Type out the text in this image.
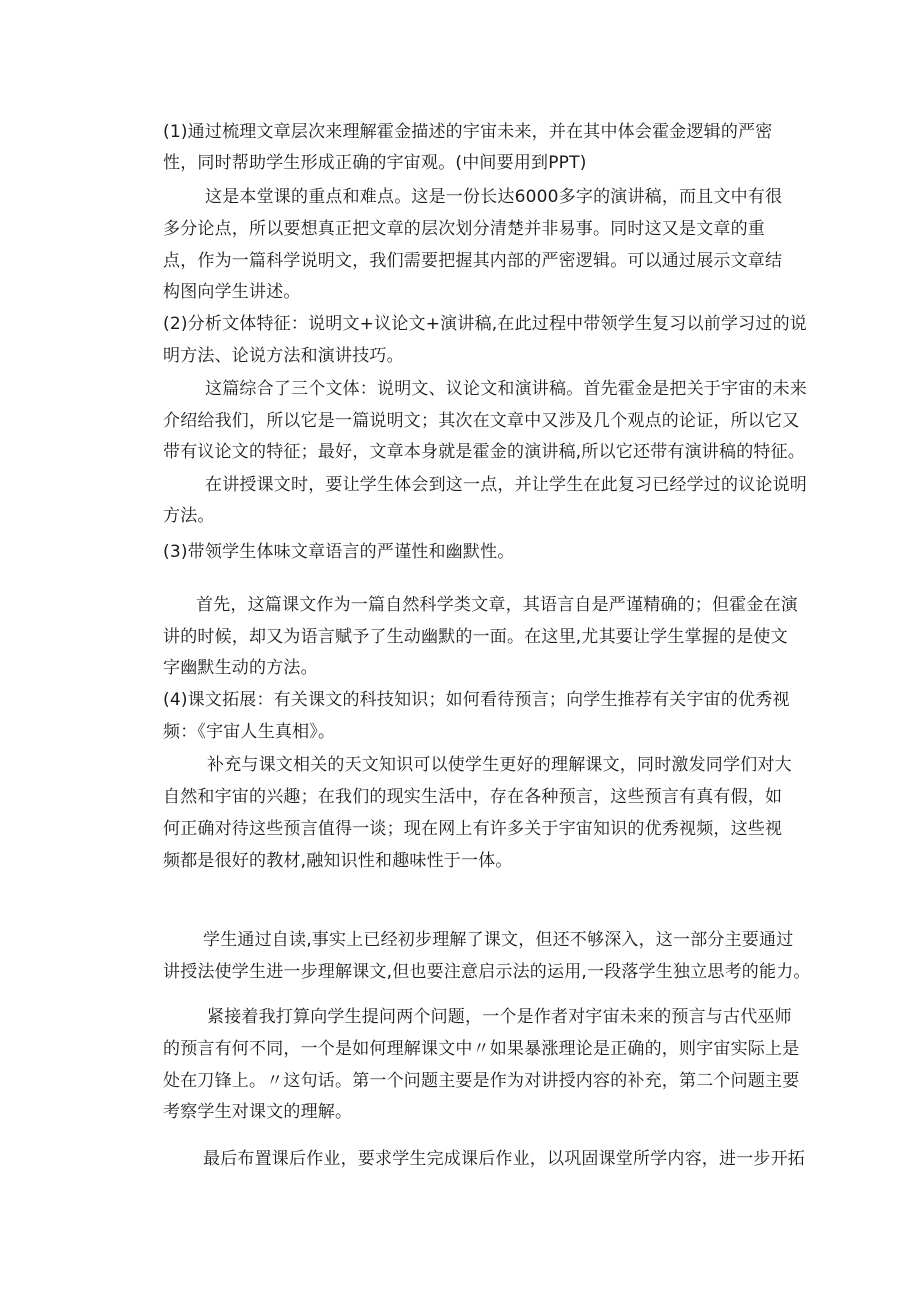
(1)通过梳理文章层次来理解霍金描述的宇宙未来，并在其中体会霍金逻辑的严密
性，同时帮助学生形成正确的宇宙观。(中间要用到PPT)
这是本堂课的重点和难点。这是一份长达6000多字的演讲稿，而且文中有很
多分论点，所以要想真正把文章的层次划分清楚并非易事。同时这又是文章的重
点，作为一篇科学说明文，我们需要把握其内部的严密逻辑。可以通过展示文章结
构图向学生讲述。
(2)分析文体特征：说明文+议论文+演讲稿,在此过程中带领学生复习以前学习过的说
明方法、论说方法和演讲技巧。
这篇综合了三个文体：说明文、议论文和演讲稿。首先霍金是把关于宇宙的未来
介绍给我们，所以它是一篇说明文；其次在文章中又涉及几个观点的论证，所以它又
带有议论文的特征；最好，文章本身就是霍金的演讲稿,所以它还带有演讲稿的特征。
在讲授课文时，要让学生体会到这一点，并让学生在此复习已经学过的议论说明
方法。
(3)带领学生体味文章语言的严谨性和幽默性。
首先，这篇课文作为一篇自然科学类文章，其语言自是严谨精确的；但霍金在演
讲的时候，却又为语言赋予了生动幽默的一面。在这里,尤其要让学生掌握的是使文
字幽默生动的方法。
(4)课文拓展：有关课文的科技知识；如何看待预言；向学生推荐有关宇宙的优秀视
频：《宇宙人生真相》。
补充与课文相关的天文知识可以使学生更好的理解课文，同时激发同学们对大
自然和宇宙的兴趣；在我们的现实生活中，存在各种预言，这些预言有真有假，如
何正确对待这些预言值得一谈；现在网上有许多关于宇宙知识的优秀视频，这些视
频都是很好的教材,融知识性和趣味性于一体。
学生通过自读,事实上已经初步理解了课文，但还不够深入，这一部分主要通过
讲授法使学生进一步理解课文,但也要注意启示法的运用,一段落学生独立思考的能力。
紧接着我打算向学生提问两个问题，一个是作者对宇宙未来的预言与古代巫师
的预言有何不同，一个是如何理解课文中〃如果暴涨理论是正确的，则宇宙实际上是
处在刀锋上。〃这句话。第一个问题主要是作为对讲授内容的补充，第二个问题主要
考察学生对课文的理解。
最后布置课后作业，要求学生完成课后作业，以巩固课堂所学内容，进一步开拓
